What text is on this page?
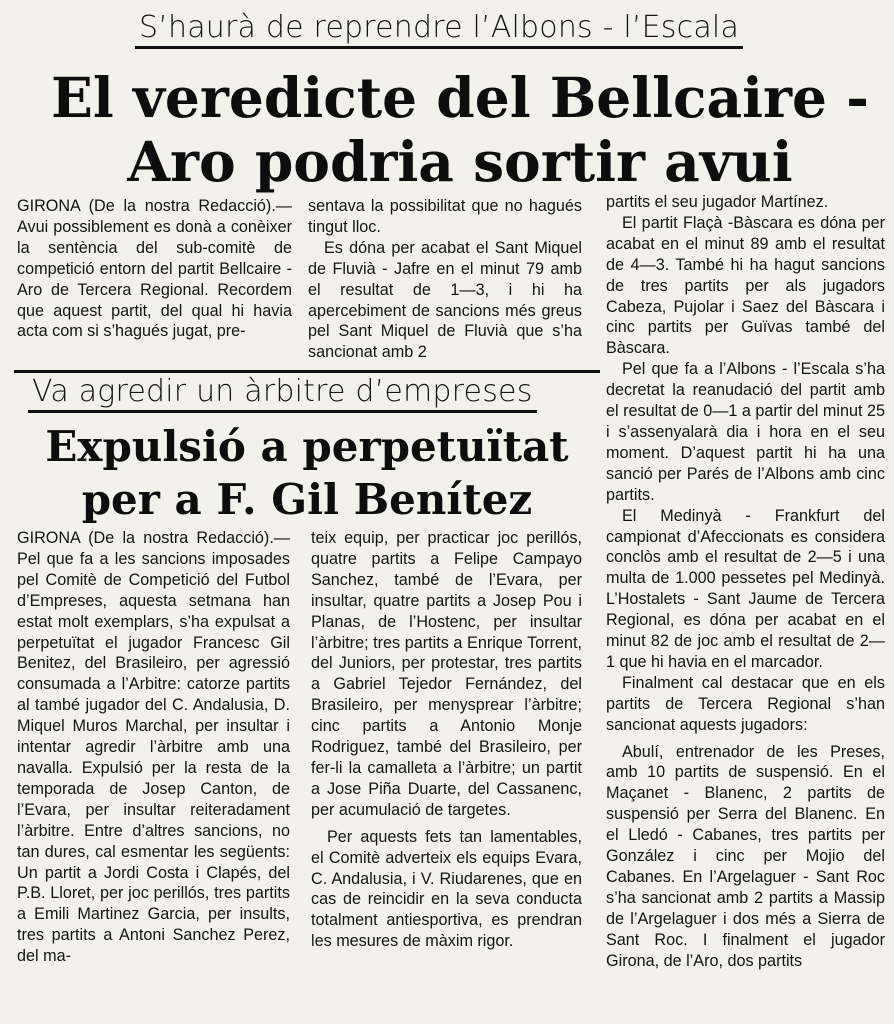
S’haurà de reprendre l’Albons - l’Escala
El veredicte del Bellcaire -
Aro podria sortir avui

GIRONA (De la nostra Redacció).— Avui possiblement es donà a conèixer la sentència del sub-comitè de competició entorn del partit Bellcaire - Aro de Tercera Regional. Recordem que aquest partit, del qual hi havia acta com si s’hagués jugat, pre-

sentava la possibilitat que no hagués tingut lloc.

Es dóna per acabat el Sant Miquel de Fluvià - Jafre en el minut 79 amb el resultat de 1—3, i hi ha apercebiment de sancions més greus pel Sant Miquel de Fluvià que s’ha sancionat amb 2

Va agredir un àrbitre d’empreses
Expulsió a perpetuïtat
per a F. Gil Benítez

GIRONA (De la nostra Redacció).— Pel que fa a les sancions imposades pel Comitè de Competició del Futbol d’Empreses, aquesta setmana han estat molt exemplars, s’ha expulsat a perpetuïtat el jugador Francesc Gil Benitez, del Brasileiro, per agressió consumada a l’Arbitre: catorze partits al també jugador del C. Andalusia, D. Miquel Muros Marchal, per insultar i intentar agredir l’àrbitre amb una navalla. Expulsió per la resta de la temporada de Josep Canton, de l’Evara, per insultar reiteradament l’àrbitre. Entre d’altres sancions, no tan dures, cal esmentar les següents: Un partit a Jordi Costa i Clapés, del P.B. Lloret, per joc perillós, tres partits a Emili Martinez Garcia, per insults, tres partits a Antoni Sanchez Perez, del ma-

teix equip, per practicar joc perillós, quatre partits a Felipe Campayo Sanchez, també de l’Evara, per insultar, quatre partits a Josep Pou i Planas, de l’Hostenc, per insultar l’àrbitre; tres partits a Enrique Torrent, del Juniors, per protestar, tres partits a Gabriel Tejedor Fernández, del Brasileiro, per menysprear l’àrbitre; cinc partits a Antonio Monje Rodriguez, també del Brasileiro, per fer-li la camalleta a l’àrbitre; un partit a Jose Piña Duarte, del Cassanenc, per acumulació de targetes.

Per aquests fets tan lamentables, el Comitè adverteix els equips Evara, C. Andalusia, i V. Riudarenes, que en cas de reincidir en la seva conducta totalment antiesportiva, es prendran les mesures de màxim rigor.

partits el seu jugador Martínez.

El partit Flaçà -Bàscara es dóna per acabat en el minut 89 amb el resultat de 4—3. També hi ha hagut sancions de tres partits per als jugadors Cabeza, Pujolar i Saez del Bàscara i cinc partits per Guïvas també del Bàscara.

Pel que fa a l’Albons - l’Escala s’ha decretat la reanudació del partit amb el resultat de 0—1 a partir del minut 25 i s’assenyalarà dia i hora en el seu moment. D’aquest partit hi ha una sanció per Parés de l’Albons amb cinc partits.

El Medinyà - Frankfurt del campionat d’Afeccionats es considera conclòs amb el resultat de 2—5 i una multa de 1.000 pessetes pel Medinyà. L’Hostalets - Sant Jaume de Tercera Regional, es dóna per acabat en el minut 82 de joc amb el resultat de 2—1 que hi havia en el marcador.

Finalment cal destacar que en els partits de Tercera Regional s’han sancionat aquests jugadors:

Abulí, entrenador de les Preses, amb 10 partits de suspensió. En el Maçanet - Blanenc, 2 partits de suspensió per Serra del Blanenc. En el Lledó - Cabanes, tres partits per González i cinc per Mojio del Cabanes. En l’Argelaguer - Sant Roc s’ha sancionat amb 2 partits a Massip de l’Argelaguer i dos més a Sierra de Sant Roc. I finalment el jugador Girona, de l’Aro, dos partits
